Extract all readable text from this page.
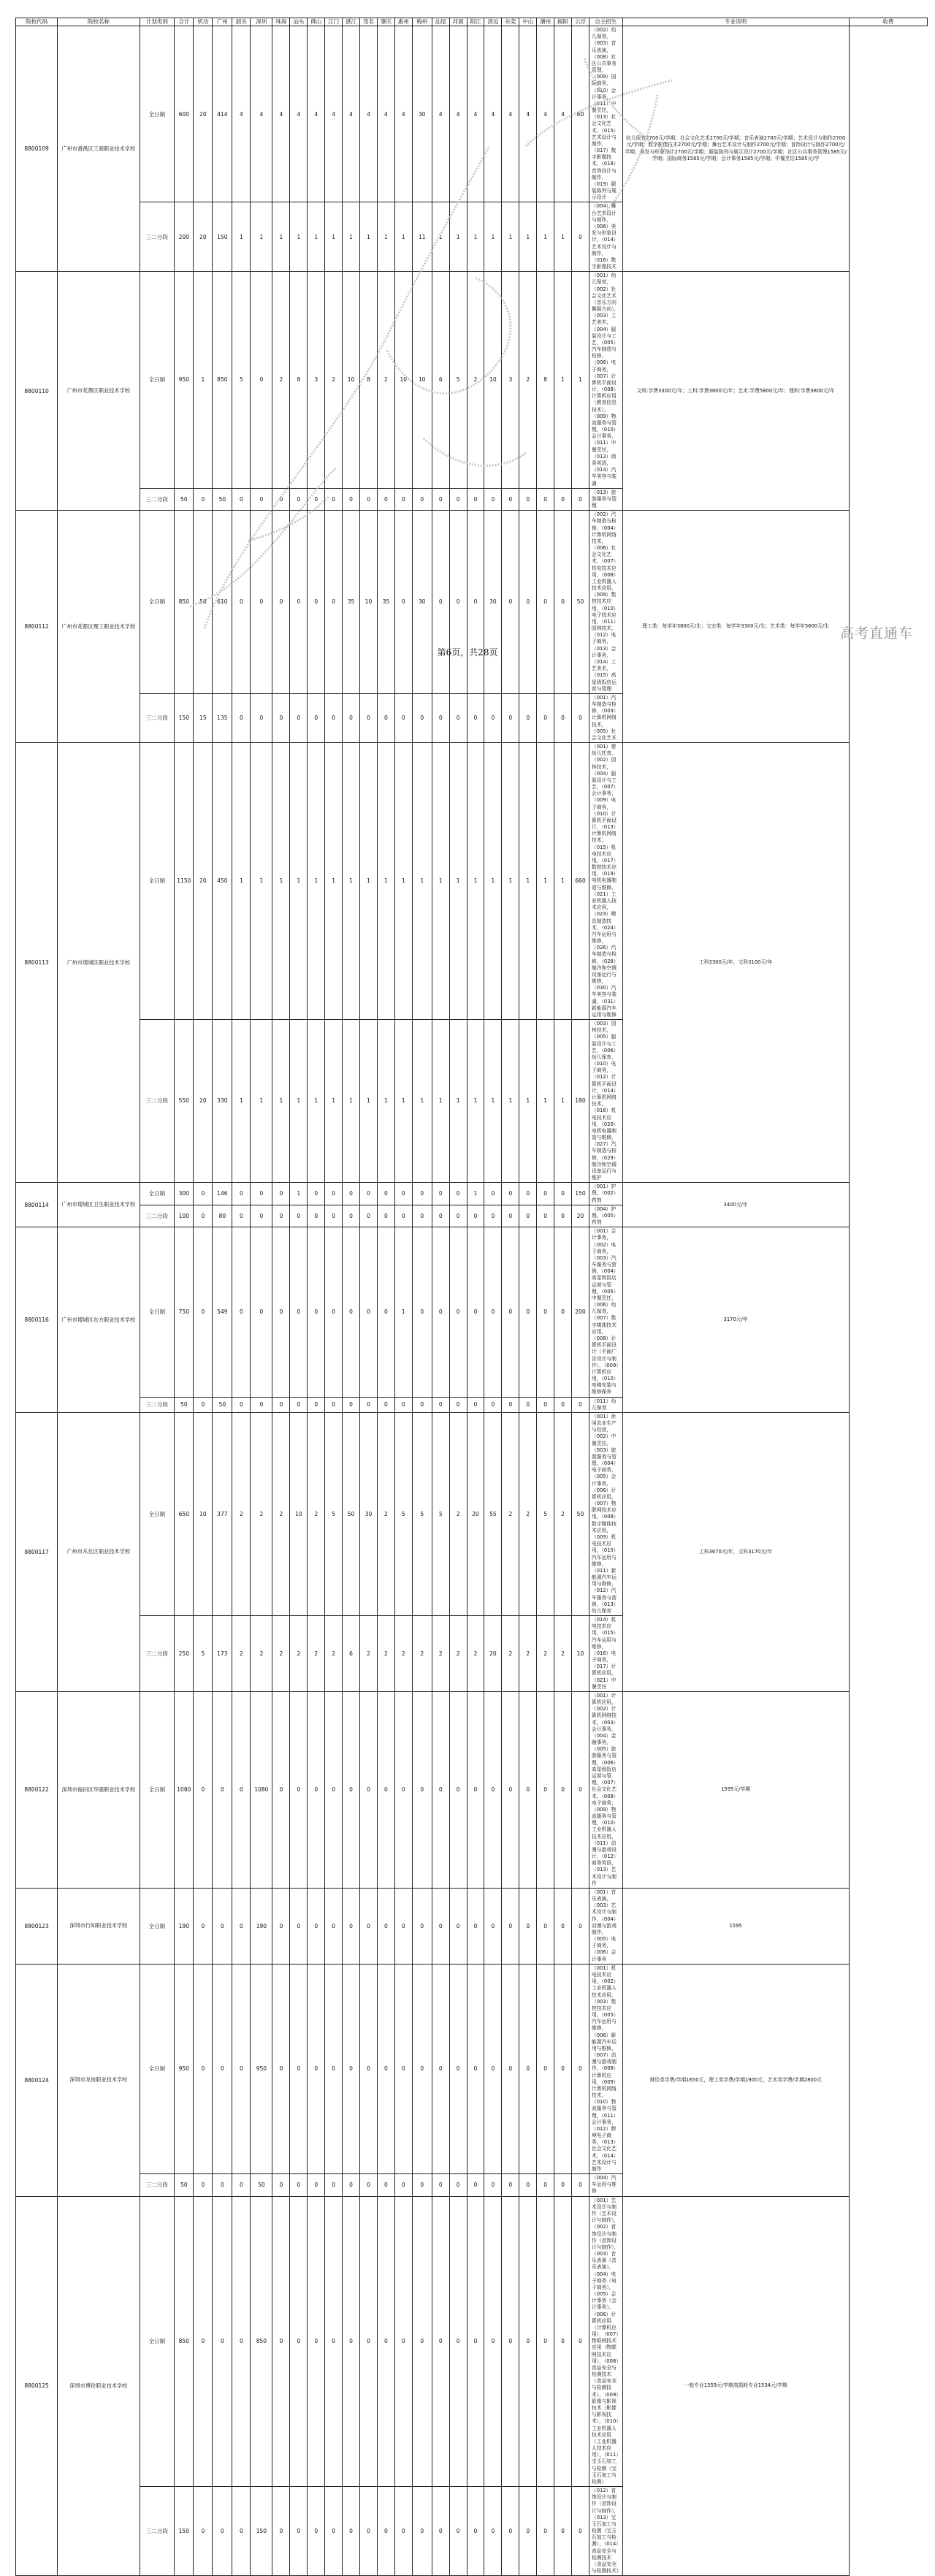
院校代码	院校名称	计划类别	合计	机动	广州	韶关	深圳	珠海	汕头	佛山	江门	湛江	茂名	肇庆	惠州	梅州	汕尾	河源	阳江	清远	东莞	中山	潮州	揭阳	云浮	自主招生	专业说明	收费
8800109	广州市番禺区工商职业技术学校	全日制	600	20	414	4	4	4	4	4	4	4	4	4	4	30	4	4	4	4	4	4	4	4	60	（002）幼儿保育，（003）音乐表演，（008）社区公共事务管理，（009）国际商务，（010）会计事务，（011）中餐烹饪，（013）社会文化艺术，（015）艺术设计与制作，（017）数字影像技术，（018）首饰设计与制作，（019）服装陈列与展示设计	幼儿保育2700元/学期；社会文化艺术2700元/学期；音乐表演2700元/学期；艺术设计与制作2700元/学期；数字影像技术2700元/学期；舞台艺术设计与制作2700元/学期；首饰设计与制作2700元/学期；美发与形象设计2700元/学期；服装陈列与展示设计2700元/学期；社区公共事务管理1585元/学期；国际商务1585元/学期；会计事务1585元/学期；中餐烹饪1585元/学	
		三二分段	200	20	150	1	1	1	1	1	1	1	1	1	1	11	1	1	1	1	1	1	1	1	0	（004）舞台艺术设计与制作，（006）美发与形象设计，（014）艺术设计与制作，（016）数字影像技术		
8800110	广州市花都区职业技术学校	全日制	950	1	850	5	0	2	8	3	2	10	8	2	10	10	6	5	2	10	3	2	8	1	1	（001）幼儿保育，（002）社会文化艺术（音乐方向舞蹈方向），（003）工艺美术，（004）服装设计与工艺，（005）汽车制造与检修，（006）电子商务，（007）计算机平面设计，（008）计算机应用（教育信息技术），（009）物流服务与管理，（010）会计事务，（011）中餐烹饪，（012）商务英语，（014）汽车美容与装潢	文科:学费3300元/年；工科:学费3800元/年；艺术:学费5800元/年；理科:学费3800元/年	
		三二分段	50	0	50	0	0	0	0	0	0	0	0	0	0	0	0	0	0	0	0	0	0	0	0	（013）旅游服务与管理		
8800112	广州市花都区理工职业技术学校	全日制	850	50	610	0	0	0	0	0	0	35	10	35	0	30	0	0	0	30	0	0	0	0	50	（002）汽车制造与检修，（004）计算机网络技术，（006）社会文化艺术，（007）机电技术应用，（008）工业机器人技术应用，（009）数控技术应用，（010）电子技术应用，（011）园林技术，（012）电子商务，（013）会计事务，（014）工艺美术，（015）高星级饭店运营与管理	理工类：每学年3800元/生；文史类：每学年3300元/生；艺术类：每学年5600元/生	
		三二分段	150	15	135	0	0	0	0	0	0	0	0	0	0	0	0	0	0	0	0	0	0	0	0	（001）汽车制造与检修，（003）计算机网络技术，（005）社会文化艺术		
8800113	广州市增城区职业技术学校	全日制	1150	20	450	1	1	1	1	1	1	1	1	1	1	1	1	1	1	1	1	1	1	1	660	（001）婴幼儿托育，（002）园林技术，（004）服装设计与工艺，（007）会计事务，（009）电子商务，（010）计算机平面设计，（013）计算机网络技术，（015）机电技术应用，（017）数控技术应用，（019）电机电器制造与维修，（021）工业机器人技术应用，（023）模具制造技术，（024）汽车运用与维修，（026）汽车制造与检修，（028）制冷和空调设备运行与维修，（030）汽车美容与装潢，（031）新能源汽车运用与维修	工科3300元/年，文科3100元/年	
		三二分段	550	20	330	1	1	1	1	1	1	1	1	1	1	1	1	1	1	1	1	1	1	1	180	（003）园林技术，（005）服装设计与工艺，（006）幼儿保育，（010）电子商务，（012）计算机平面设计，（014）计算机网络技术，（016）机电技术应用，（020）电机电器制造与维修，（027）汽车制造与检修，（029）制冷和空调设备运行与维护		
8800114	广州市增城区卫生职业技术学校	全日制	300	0	146	0	0	0	1	0	0	0	0	0	0	0	0	0	1	0	0	0	0	0	150	（001）护理，（002）药剂	3400元/年	
		三二分段	100	0	80	0	0	0	0	0	0	0	0	0	0	0	0	0	0	0	0	0	0	0	20	（004）护理，（005）药剂		
8800116	广州市增城区东方职业技术学校	全日制	750	0	549	0	0	0	0	0	0	0	0	0	1	0	0	0	0	0	0	0	0	0	200	（001）会计事务，（002）电子商务，（003）汽车服务与营销，（004）高星级饭店运营与管理，（005）中餐烹饪，（006）幼儿保育，（007）数字媒体技术应用，（008）计算机平面设计（平面广告设计与制作），（009）计算机应用，（010）电梯安装与维修保养	3170元/年	
		三二分段	50	0	50	0	0	0	0	0	0	0	0	0	0	0	0	0	0	0	0	0	0	0	0	（011）幼儿保育		
8800117	广州市从化区职业技术学校	全日制	650	10	377	2	2	2	10	2	5	50	30	2	5	5	5	2	20	55	2	2	5	2	50	（001）休闲农业生产与经营，（002）中餐烹饪，（003）旅游服务与管理，（004）电子商务，（005）会计事务，（006）计算机应用，（007）物联网技术应用，（008）数字媒体技术应用，（009）机电技术应用，（010）汽车运用与维修，（011）新能源汽车运用与维修，（012）汽车服务与营销，（013）幼儿保育	工科3670元/年，文科3170元/年	
		三二分段	250	5	173	2	2	2	2	2	2	6	2	2	2	2	2	2	2	20	2	2	2	2	10	（014）机电技术应用，（015）汽车运用与维修，（016）电子商务，（017）计算机应用，（021）中餐烹饪		
8800122	深圳市福田区华强职业技术学校	全日制	1080	0	0	0	1080	0	0	0	0	0	0	0	0	0	0	0	0	0	0	0	0	0	0	（001）计算机应用，（002）计算机网络技术，（003）会计事务，（004）金融事务，（005）旅游服务与管理，（006）高星级饭店运营与管理，（007）社会文化艺术，（008）电子商务，（009）物流服务与管理，（010）工业机器人技术应用，（011）动漫与游戏设计，（012）商务英语，（013）艺术设计与制作	1595元/学期	
8800123	深圳市行知职业技术学校	全日制	190	0	0	0	190	0	0	0	0	0	0	0	0	0	0	0	0	0	0	0	0	0	0	（001）音乐表演，（003）艺术设计与制作，（004）动漫与游戏制作，（005）电子商务，（006）会计事务	1595	
8800124	深圳市龙岗职业技术学校	全日制	950	0	0	0	950	0	0	0	0	0	0	0	0	0	0	0	0	0	0	0	0	0	0	（001）机电技术应用，（002）工业机器人技术应用，（003）数控技术应用，（005）汽车运用与维修，（006）新能源汽车运用与维修，（007）动漫与游戏制作，（008）计算机应用，（009）计算机网络技术，（010）物流服务与管理，（011）会计事务，（012）跨境电子商务，（013）社会文化艺术，（014）艺术设计与制作	财经类学费/学期1650元，理工类学费/学期1900元，艺术类学费/学期2800元	
		三二分段	50	0	0	0	50	0	0	0	0	0	0	0	0	0	0	0	0	0	0	0	0	0	0	（004）汽车运用与维修		
8800125	深圳市博伦职业技术学校	全日制	850	0	0	0	850	0	0	0	0	0	0	0	0	0	0	0	0	0	0	0	0	0	0	（001）艺术设计与制作（艺术设计与制作），（002）首饰设计与制作（首饰设计与制作），（003）音乐表演（音乐表演），（004）电子商务（电子商务），（005）会计事务（会计事务），（006）计算机应用（计算机应用），（007）物联网技术应用（物联网技术应用），（008）食品安全与检测技术（食品安全与检测技术），（009）影像与影视技术（影像与影视技术），（010）工业机器人技术应用（工业机器人技术应用），（011）宝玉石加工与检测（宝玉石加工与检测）	一般专业1359元/学期高损耗专业1534元/学期	
		三二分段	150	0	0	0	150	0	0	0	0	0	0	0	0	0	0	0	0	0	0	0	0	0	0	（012）首饰设计与制作（首饰设计与制作），（013）宝玉石加工与检测（宝玉石加工与检测），（014）食品安全与检测技术（食品安全与检测技术）		
第6页，共28页
高考直通车
